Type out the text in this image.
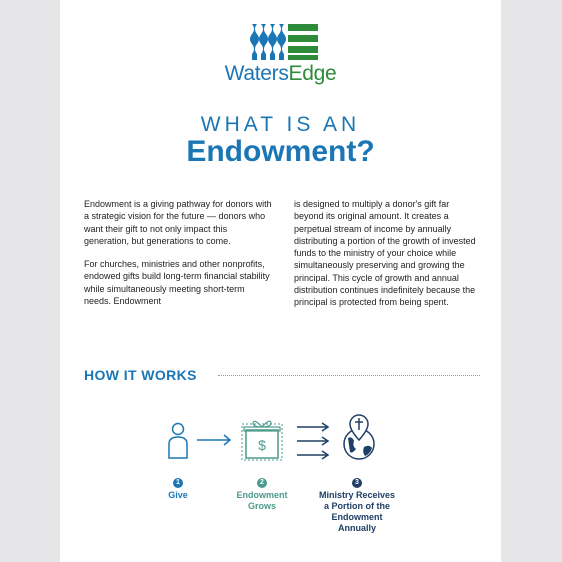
WatersEdge
WHAT IS AN
Endowment?

Endowment is a giving pathway for donors with a strategic vision for the future — donors who want their gift to not only impact this generation, but generations to come.

For churches, ministries and other nonprofits, endowed gifts build long-term financial stability while simultaneously meeting short-term needs. Endowment

is designed to multiply a donor's gift far beyond its original amount. It creates a perpetual stream of income by annually distributing a portion of the growth of invested funds to the ministry of your choice while simultaneously preserving and growing the principal. This cycle of growth and annual distribution continues indefinitely because the principal is protected from being spent.

HOW IT WORKS
$
1
Give
2
Endowment
Grows
3
Ministry Receives
a Portion of the
Endowment
Annually
